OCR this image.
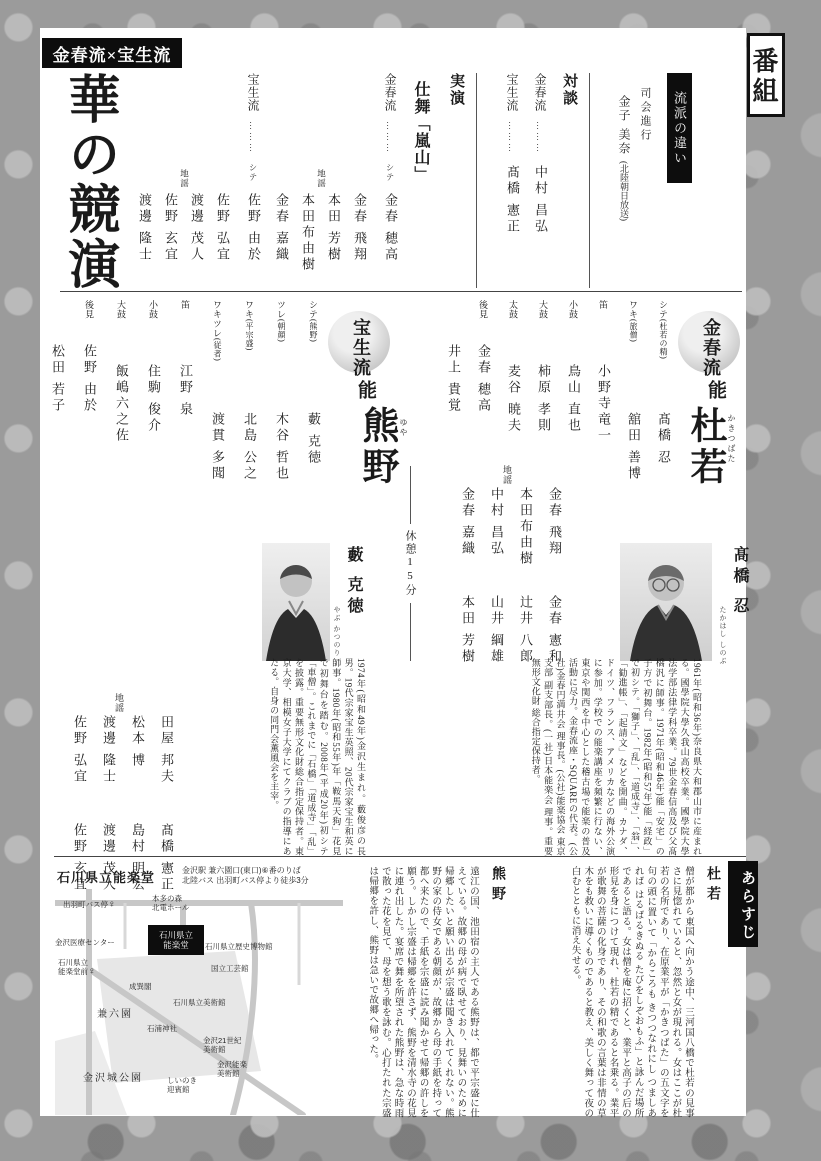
番組
金春流×宝生流
華の競演	流派の違い
司会進行
金子 美奈 (北陸朝日放送)
対談
金春流 ……… 中村 昌弘
宝生流 ……… 髙橋 憲正
実演
仕舞「嵐山」
金春流 ……… シテ 金春 穂高
地謡
金春 飛翔
本田 芳樹
本田布由樹
金春 嘉織
宝生流 ……… シテ 佐野 由於
地謡
佐野 弘宜
渡邊 茂人
佐野 玄宜
渡邊 隆士
金春流
能
杜若 かきつばた
シテ(杜若の精)髙橋 忍
ワキ(旅僧)舘田 善博
笛小野寺竜一
小鼓鳥山 直也
大鼓柿原 孝則
太鼓麦谷 暁夫
後見金春 穂高
井上 貴覚
地謡
金春 飛翔金春 憲和
本田布由樹辻井 八郎
中村 昌弘山井 綱雄
金春 嘉織本田 芳樹
休憩15分
宝生流
能
熊野 ゆや
シテ(熊野)藪 克徳
ツレ(朝顔)木谷 哲也
ワキ(平宗盛)北島 公之
ワキツレ(従者)渡貫 多聞
笛江野 泉
小鼓住駒 俊介
大鼓飯嶋六之佐
後見佐野 由於
松田 若子
地謡
田屋 邦夫髙橋 憲正
松本 博島村 明宏
渡邊 隆士渡邊 茂人
佐野 弘宜佐野 玄宜
髙橋 忍
たかはし しのぶ
1961年(昭和36年)奈良県大和郡山市に産まれる。國學院大學久我山高校卒業。國學院大學法学部法律学科卒業。79世金春信高及び父髙橋汎に師事。1971年(昭和46年)能「安宅」の子方で初舞台。1982年(昭和57年)能「経政」で初シテ。「獅子」、「乱」、「道成寺」、「翁」、「勧進帳」、「起請文」などを開曲。カナダ、ドイツ、フランス、アメリカなどの海外公演に参加。学校での能楽講座を頻繁に行ない、東京や関西を中心とした稽古場で能楽の普及活動に尽力。金春流座・SQUAREの代表。(公社)金春円満井会 理事長。(公社)能楽協会 東京支部 副支部長。(一社)日本能楽会 理事。重要無形文化財 総合指定保持者。
藪 克徳
やぶ かつのり
1974年(昭和49年)金沢生まれ。藪俊彦の長男。19代宗家宝生英照、20代宗家宝生和英に師事。1980年(昭和55年)年「鞍馬天狗」花見で初舞台を踏む。2008年(平成20年)初シテ「車僧」。これまでに「石橋」「道成寺」「乱」を披露。重要無形文化財総合指定保持者。東京大学、相模女子大学にてクラブの指導にあたる。自身の同門会薫風会を主宰。
あらすじ
杜若
僧が都から東国へ向かう途中、三河国八橋で杜若の見事さに見惚れていると、忽然と女が現れる。女はここが杜若の名所であり、在原業平が「かきつばた」の五文字を句の頭に置いて「からころも きつつなれにし つましあれば はるばるきぬる たびをしぞおもふ」と詠んだ場所であると語る。女は僧を庵に招くと、業平と高子の后の形見を身につけて現れ、杜若の精であると名乗る。業平が歌舞の菩薩の化身であり、その和歌の言葉は非情の草木をも救いに導くものであると教え、美しく舞って夜の白むとともに消え失せる。
熊野
遠江の国、池田宿の主人である熊野は、都で平宗盛に仕えている。故郷の母が病で臥せており、見舞いのために帰郷したいと願い出るが宗盛は聞き入れてくれない。熊野の家の侍女である朝顔が、故郷から母の手紙を持って都へ来たので、手紙を宗盛に読み聞かせて帰郷の許しを願う。しかし宗盛は帰郷を許さず、熊野を清水寺の花見に連れ出した。宴席で舞を所望された熊野は、急な時雨で散った花を見て、母を想う歌を詠む。心打たれた宗盛は帰郷を許し、熊野は急いで故郷へ帰った。
石川県立能楽堂	金沢駅 兼六園口(東口)⑥番のりば
北陸バス 出羽町バス停より徒歩3分
石川県立
能楽堂
出羽町バス停♀
本多の森
北電ホール
金沢医療センター
石川県立
能楽堂前♀
石川県立歴史博物館
国立工芸館
成巽閣
石川県立美術館
兼六園
石浦神社
金沢21世紀
美術館
金沢能楽
美術館
しいのき
迎賓館
金沢城公園
